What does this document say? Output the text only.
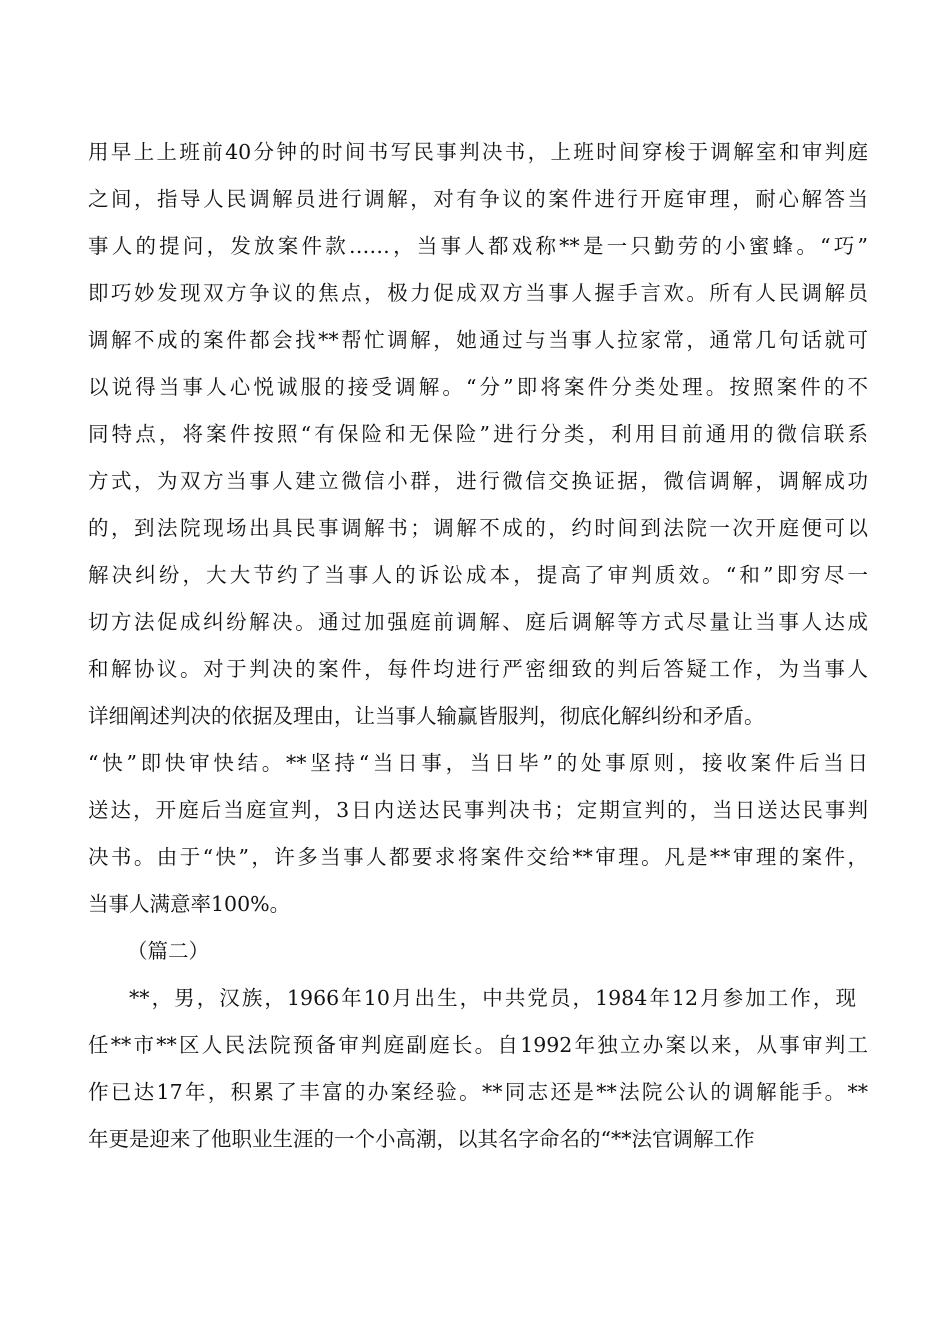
用早上上班前40分钟的时间书写民事判决书，上班时间穿梭于调解室和审判庭
之间，指导人民调解员进行调解，对有争议的案件进行开庭审理，耐心解答当
事人的提问，发放案件款……，当事人都戏称**是一只勤劳的小蜜蜂。“巧”
即巧妙发现双方争议的焦点，极力促成双方当事人握手言欢。所有人民调解员
调解不成的案件都会找**帮忙调解，她通过与当事人拉家常，通常几句话就可
以说得当事人心悦诚服的接受调解。“分”即将案件分类处理。按照案件的不
同特点，将案件按照“有保险和无保险”进行分类，利用目前通用的微信联系
方式，为双方当事人建立微信小群，进行微信交换证据，微信调解，调解成功
的，到法院现场出具民事调解书；调解不成的，约时间到法院一次开庭便可以
解决纠纷，大大节约了当事人的诉讼成本，提高了审判质效。“和”即穷尽一
切方法促成纠纷解决。通过加强庭前调解、庭后调解等方式尽量让当事人达成
和解协议。对于判决的案件，每件均进行严密细致的判后答疑工作，为当事人
详细阐述判决的依据及理由，让当事人输赢皆服判，彻底化解纠纷和矛盾。
“快”即快审快结。**坚持“当日事，当日毕”的处事原则，接收案件后当日
送达，开庭后当庭宣判，3日内送达民事判决书；定期宣判的，当日送达民事判
决书。由于“快”，许多当事人都要求将案件交给**审理。凡是**审理的案件，
当事人满意率100%。
（篇二）
**，男，汉族，1966年10月出生，中共党员，1984年12月参加工作，现
任**市**区人民法院预备审判庭副庭长。自1992年独立办案以来，从事审判工
作已达17年，积累了丰富的办案经验。**同志还是**法院公认的调解能手。**
年更是迎来了他职业生涯的一个小高潮，以其名字命名的“**法官调解工作
